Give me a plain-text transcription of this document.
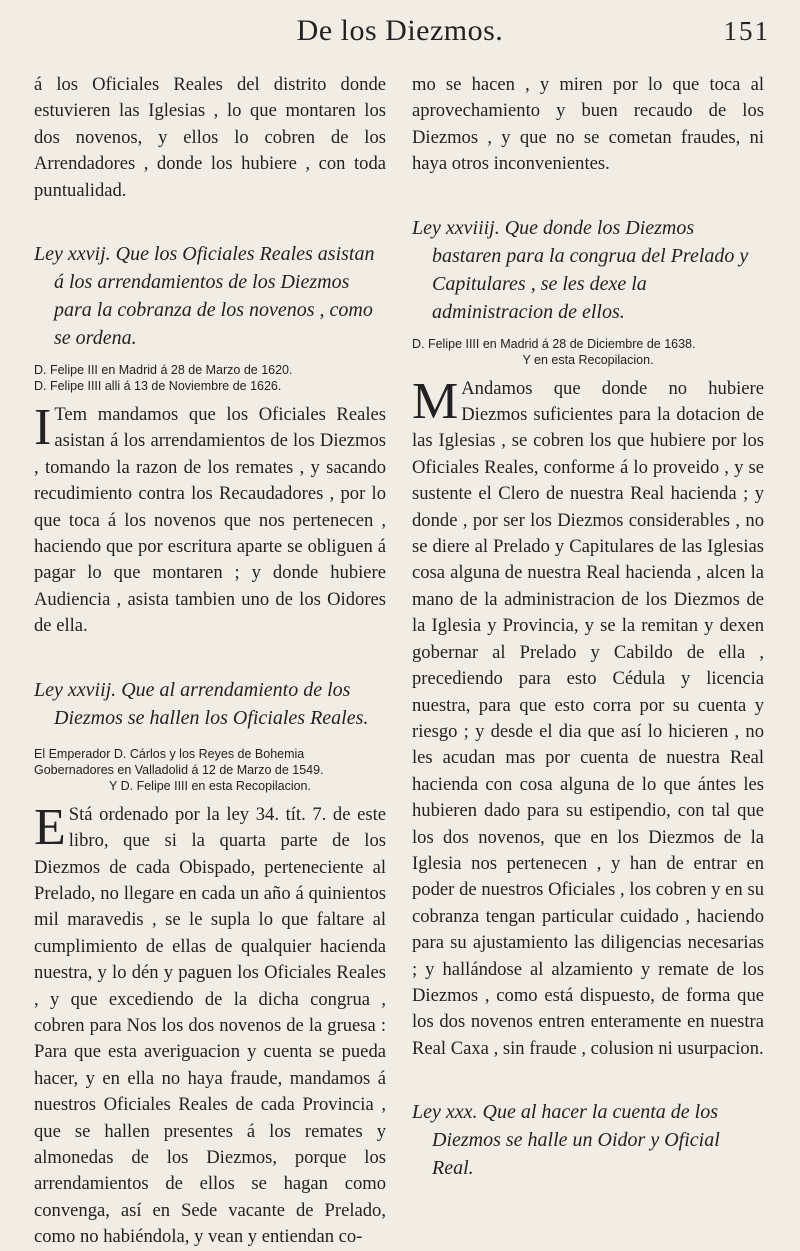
De los Diezmos.	151

á los Oficiales Reales del distrito donde estuvieren las Iglesias , lo que montaren los dos novenos, y ellos lo cobren de los Arrendadores , donde los hubiere , con toda puntualidad.

Ley xxvij. Que los Oficiales Reales asistan á los arrendamientos de los Diezmos para la cobranza de los novenos , como se ordena.

D. Felipe III en Madrid á 28 de Marzo de 1620.

D. Felipe IIII alli á 13 de Noviembre de 1626.

I Tem mandamos que los Oficiales Reales asistan á los arrendamientos de los Diezmos , tomando la razon de los remates , y sacando recudimiento contra los Recaudadores , por lo que toca á los novenos que nos pertenecen , haciendo que por escritura aparte se obliguen á pagar lo que montaren ; y donde hubiere Audiencia , asista tambien uno de los Oidores de ella.

Ley xxviij. Que al arrendamiento de los Diezmos se hallen los Oficiales Reales.

El Emperador D. Cárlos y los Reyes de Bohemia

Gobernadores en Valladolid á 12 de Marzo de 1549.

Y D. Felipe IIII en esta Recopilacion.

E Stá ordenado por la ley 34. tít. 7. de este libro, que si la quarta parte de los Diezmos de cada Obispado, perteneciente al Prelado, no llegare en cada un año á quinientos mil maravedis , se le supla lo que faltare al cumplimiento de ellas de qualquier hacienda nuestra, y lo dén y paguen los Oficiales Reales , y que excediendo de la dicha congrua , cobren para Nos los dos novenos de la gruesa : Para que esta averiguacion y cuenta se pueda hacer, y en ella no haya fraude, mandamos á nuestros Oficiales Reales de cada Provincia , que se hallen presentes á los remates y almonedas de los Diezmos, porque los arrendamientos de ellos se hagan como convenga, así en Sede vacante de Prelado, como no habiéndola, y vean y entiendan co-

mo se hacen , y miren por lo que toca al aprovechamiento y buen recaudo de los Diezmos , y que no se cometan fraudes, ni haya otros inconvenientes.

Ley xxviiij. Que donde los Diezmos bastaren para la congrua del Prelado y Capitulares , se les dexe la administracion de ellos.

D. Felipe IIII en Madrid á 28 de Diciembre de 1638.

Y en esta Recopilacion.

M Andamos que donde no hubiere Diezmos suficientes para la dotacion de las Iglesias , se cobren los que hubiere por los Oficiales Reales, conforme á lo proveido , y se sustente el Clero de nuestra Real hacienda ; y donde , por ser los Diezmos considerables , no se diere al Prelado y Capitulares de las Iglesias cosa alguna de nuestra Real hacienda , alcen la mano de la administracion de los Diezmos de la Iglesia y Provincia, y se la remitan y dexen gobernar al Prelado y Cabildo de ella , precediendo para esto Cédula y licencia nuestra, para que esto corra por su cuenta y riesgo ; y desde el dia que así lo hicieren , no les acudan mas por cuenta de nuestra Real hacienda con cosa alguna de lo que ántes les hubieren dado para su estipendio, con tal que los dos novenos, que en los Diezmos de la Iglesia nos pertenecen , y han de entrar en poder de nuestros Oficiales , los cobren y en su cobranza tengan particular cuidado , haciendo para su ajustamiento las diligencias necesarias ; y hallándose al alzamiento y remate de los Diezmos , como está dispuesto, de forma que los dos novenos entren enteramente en nuestra Real Caxa , sin fraude , colusion ni usurpacion.

Ley xxx. Que al hacer la cuenta de los Diezmos se halle un Oidor y Oficial Real.
